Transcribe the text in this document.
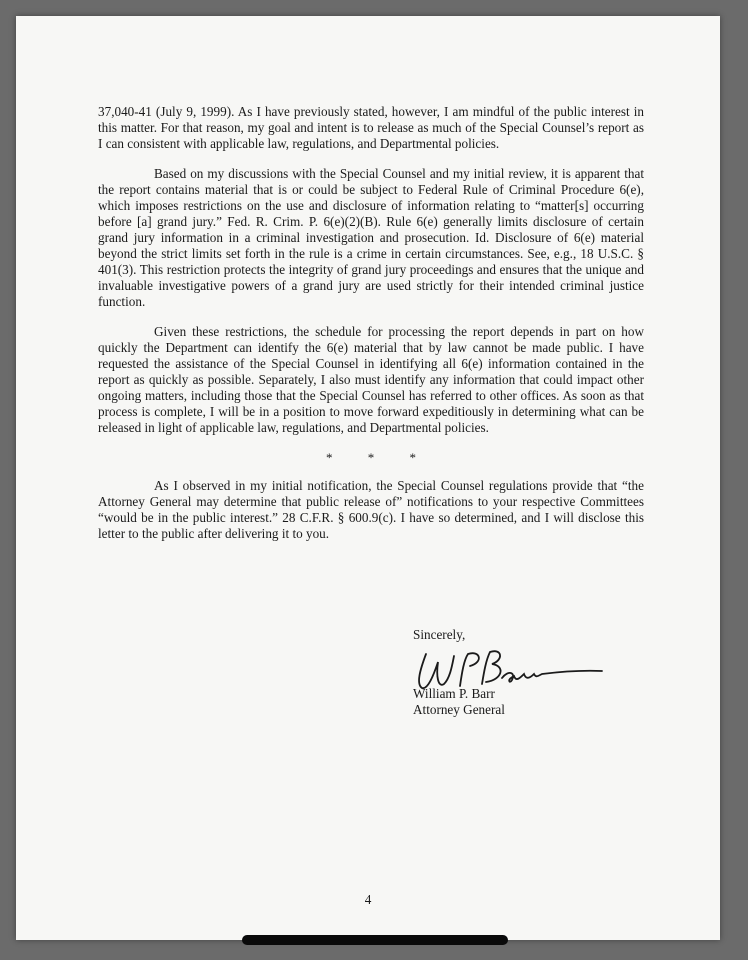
37,040-41 (July 9, 1999). As I have previously stated, however, I am mindful of the public interest in this matter. For that reason, my goal and intent is to release as much of the Special Counsel’s report as I can consistent with applicable law, regulations, and Departmental policies.

Based on my discussions with the Special Counsel and my initial review, it is apparent that the report contains material that is or could be subject to Federal Rule of Criminal Procedure 6(e), which imposes restrictions on the use and disclosure of information relating to “matter[s] occurring before [a] grand jury.” Fed. R. Crim. P. 6(e)(2)(B). Rule 6(e) generally limits disclosure of certain grand jury information in a criminal investigation and prosecution. Id. Disclosure of 6(e) material beyond the strict limits set forth in the rule is a crime in certain circumstances. See, e.g., 18 U.S.C. § 401(3). This restriction protects the integrity of grand jury proceedings and ensures that the unique and invaluable investigative powers of a grand jury are used strictly for their intended criminal justice function.

Given these restrictions, the schedule for processing the report depends in part on how quickly the Department can identify the 6(e) material that by law cannot be made public. I have requested the assistance of the Special Counsel in identifying all 6(e) information contained in the report as quickly as possible. Separately, I also must identify any information that could impact other ongoing matters, including those that the Special Counsel has referred to other offices. As soon as that process is complete, I will be in a position to move forward expeditiously in determining what can be released in light of applicable law, regulations, and Departmental policies.

*	*	*

As I observed in my initial notification, the Special Counsel regulations provide that “the Attorney General may determine that public release of” notifications to your respective Committees “would be in the public interest.” 28 C.F.R. § 600.9(c). I have so determined, and I will disclose this letter to the public after delivering it to you.

Sincerely,
William P. Barr
Attorney General
4
